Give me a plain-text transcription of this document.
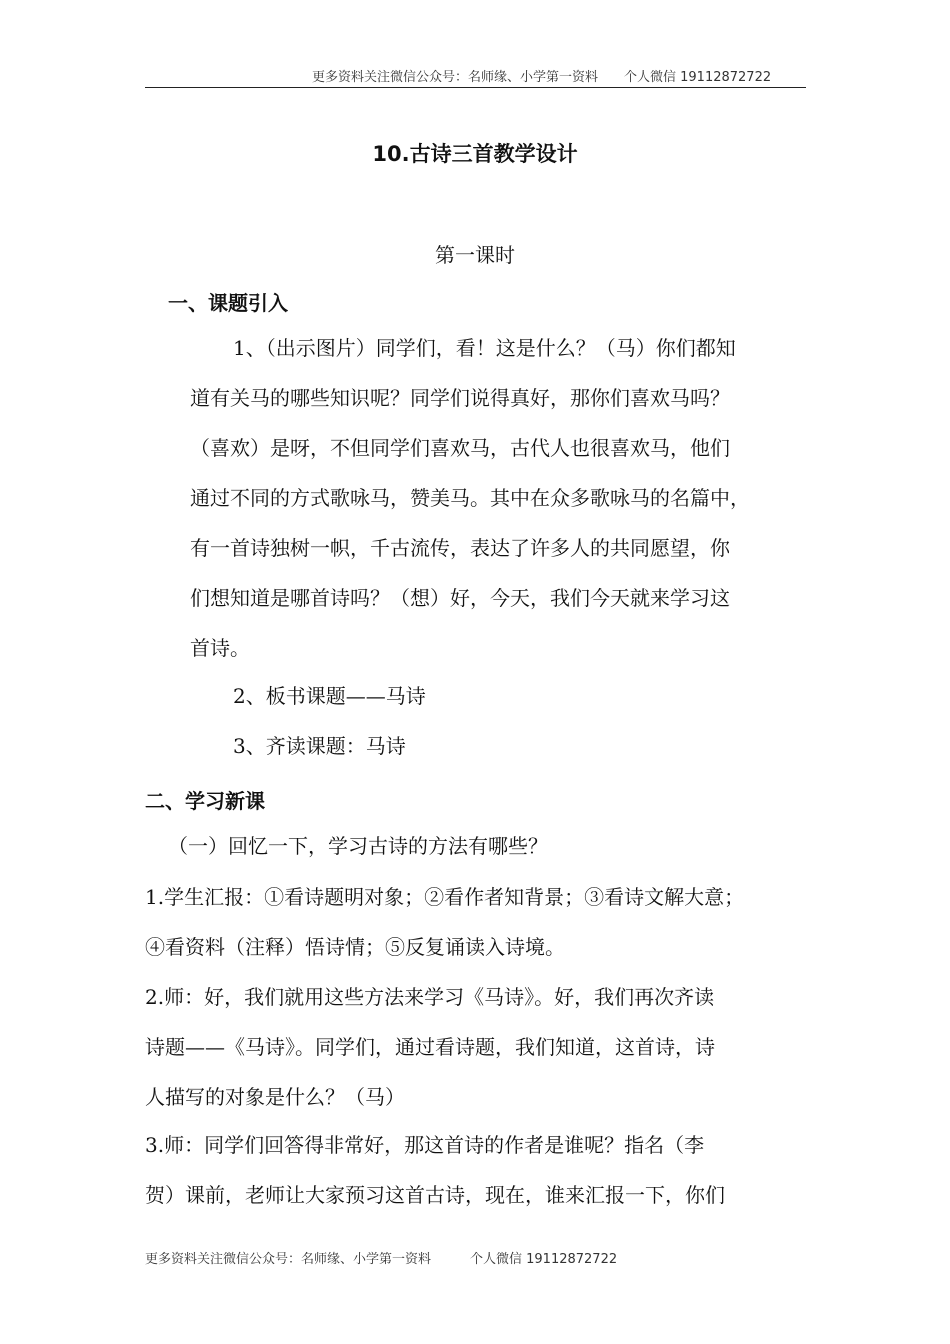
更多资料关注微信公众号：名师缘、小学第一资料　　个人微信 19112872722
10.古诗三首教学设计
第一课时
一、课题引入
1、（出示图片）同学们，看！这是什么？（马）你们都知
道有关马的哪些知识呢？同学们说得真好，那你们喜欢马吗？
（喜欢）是呀，不但同学们喜欢马，古代人也很喜欢马，他们
通过不同的方式歌咏马，赞美马。其中在众多歌咏马的名篇中，
有一首诗独树一帜，千古流传，表达了许多人的共同愿望，你
们想知道是哪首诗吗？（想）好，今天，我们今天就来学习这
首诗。
2、板书课题——马诗
3、齐读课题：马诗
二、学习新课
（一）回忆一下，学习古诗的方法有哪些？
1.学生汇报：①看诗题明对象；②看作者知背景；③看诗文解大意；
④看资料（注释）悟诗情；⑤反复诵读入诗境。
2.师：好，我们就用这些方法来学习《马诗》。好，我们再次齐读
诗题——《马诗》。同学们，通过看诗题，我们知道，这首诗，诗
人描写的对象是什么？（马）
3.师：同学们回答得非常好，那这首诗的作者是谁呢？指名（李
贺）课前，老师让大家预习这首古诗，现在，谁来汇报一下，你们
更多资料关注微信公众号：名师缘、小学第一资料　　　个人微信 19112872722
